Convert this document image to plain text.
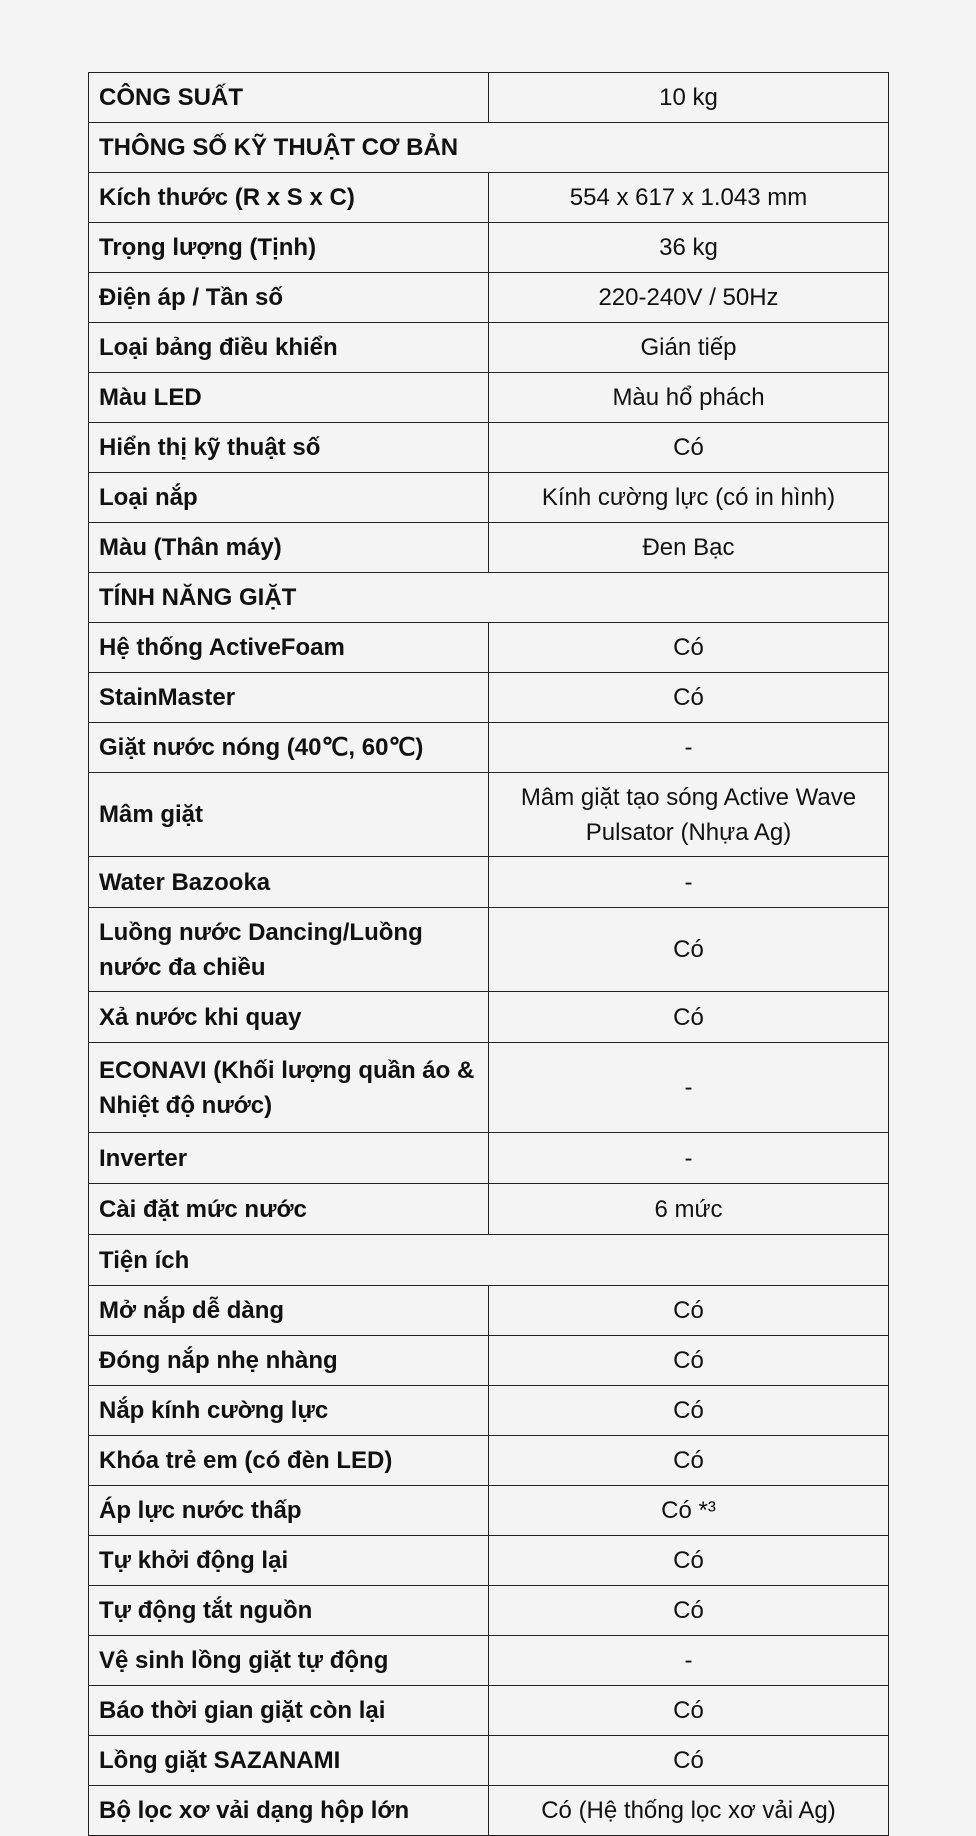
CÔNG SUẤT	10 kg
THÔNG SỐ KỸ THUẬT CƠ BẢN	
Kích thước (R x S x C)	554 x 617 x 1.043 mm
Trọng lượng (Tịnh)	36 kg
Điện áp / Tần số	220-240V / 50Hz
Loại bảng điều khiển	Gián tiếp
Màu LED	Màu hổ phách
Hiển thị kỹ thuật số	Có
Loại nắp	Kính cường lực (có in hình)
Màu (Thân máy)	Đen Bạc
TÍNH NĂNG GIẶT	
Hệ thống ActiveFoam	Có
StainMaster	Có
Giặt nước nóng (40℃, 60℃)	-
Mâm giặt	Mâm giặt tạo sóng Active Wave Pulsator (Nhựa Ag)
Water Bazooka	-
Luồng nước Dancing/Luồng nước đa chiều	Có
Xả nước khi quay	Có
ECONAVI (Khối lượng quần áo & Nhiệt độ nước)	-
Inverter	-
Cài đặt mức nước	6 mức
Tiện ích	
Mở nắp dễ dàng	Có
Đóng nắp nhẹ nhàng	Có
Nắp kính cường lực	Có
Khóa trẻ em (có đèn LED)	Có
Áp lực nước thấp	Có *³
Tự khởi động lại	Có
Tự động tắt nguồn	Có
Vệ sinh lồng giặt tự động	-
Báo thời gian giặt còn lại	Có
Lồng giặt SAZANAMI	Có
Bộ lọc xơ vải dạng hộp lớn	Có (Hệ thống lọc xơ vải Ag)
